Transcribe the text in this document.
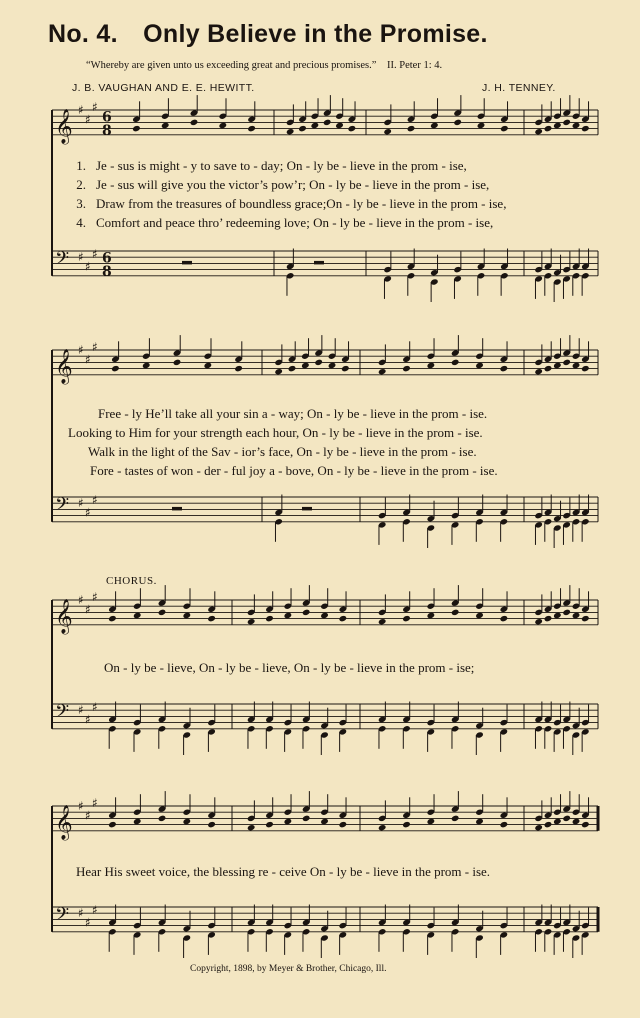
No. 4. Only Believe in the Promise.
“Whereby are given unto us exceeding great and precious promises.” II. Peter 1: 4.
J. B. VAUGHAN AND E. E. HEWITT.	J. H. TENNEY.
𝄞 ♯
♯
♯
6
8
𝄢 ♯
♯
♯ 6
8
𝄞 ♯
♯
♯
𝄢 ♯
♯
♯
𝄞 ♯
♯
♯
𝄢 ♯
♯
♯
𝄞 ♯
♯
♯
𝄢 ♯
♯
♯
1. Je - sus is might - y to save to - day; On - ly be - lieve in the prom - ise,
2. Je - sus will give you the victor’s pow’r; On - ly be - lieve in the prom - ise,
3. Draw from the treasures of boundless grace;On - ly be - lieve in the prom - ise,
4. Comfort and peace thro’ redeeming love; On - ly be - lieve in the prom - ise,
Free - ly He’ll take all your sin a - way; On - ly be - lieve in the prom - ise.
Looking to Him for your strength each hour, On - ly be - lieve in the prom - ise.
Walk in the light of the Sav - ior’s face, On - ly be - lieve in the prom - ise.
Fore - tastes of won - der - ful joy a - bove, On - ly be - lieve in the prom - ise.
CHORUS.
On - ly be - lieve, On - ly be - lieve, On - ly be - lieve in the prom - ise;
Hear His sweet voice, the blessing re - ceive On - ly be - lieve in the prom - ise.
Copyright, 1898, by Meyer & Brother, Chicago, Ill.
